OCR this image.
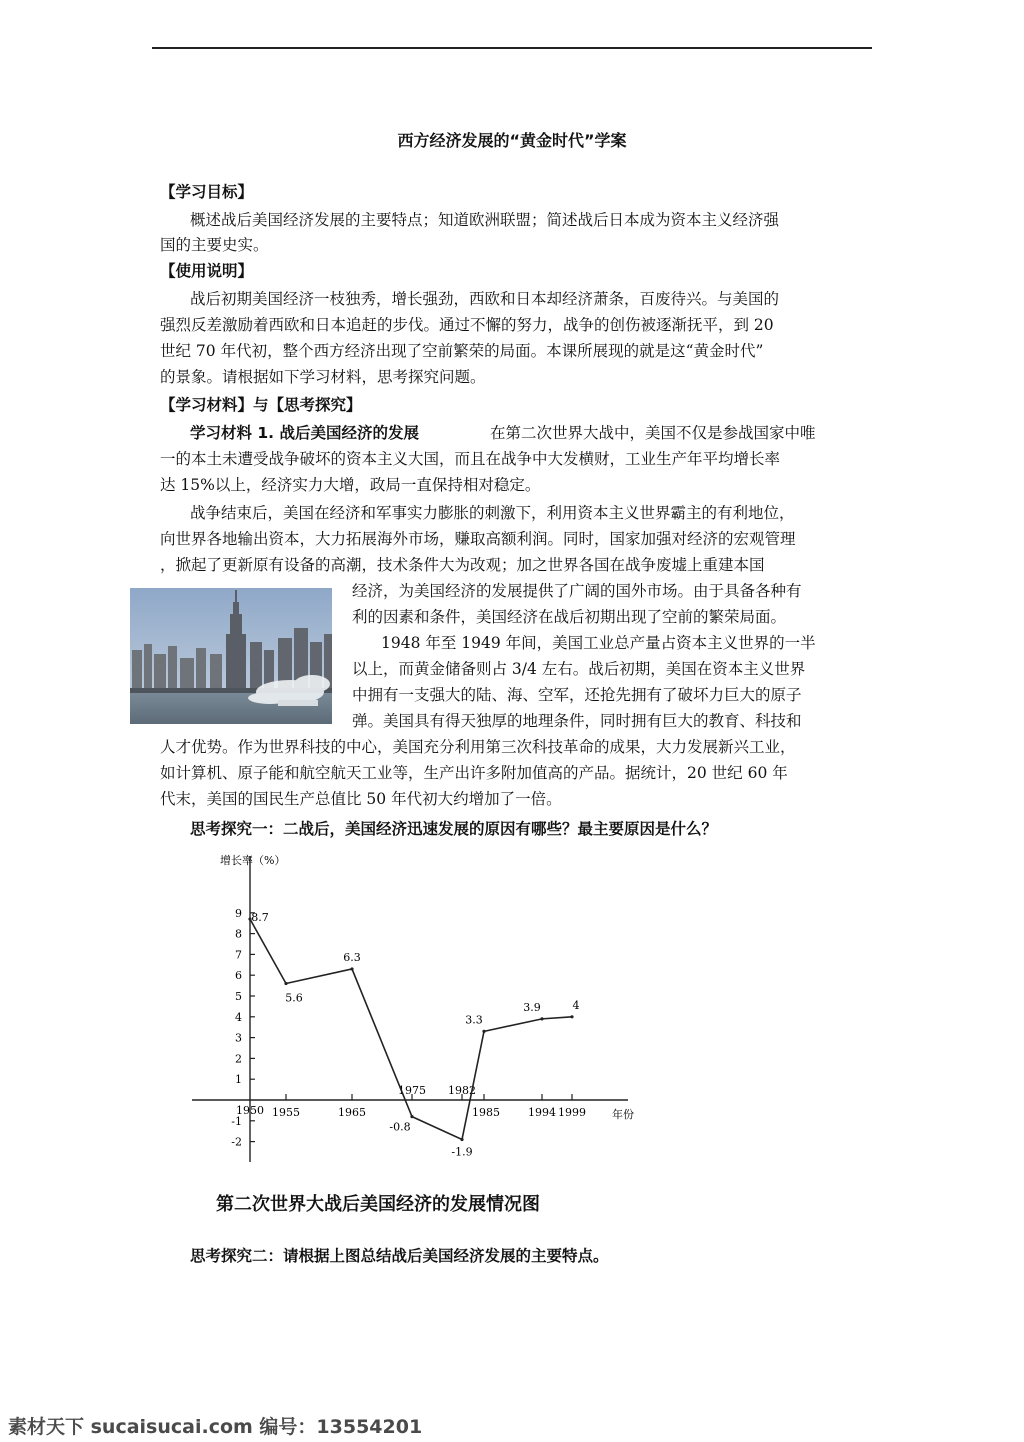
西方经济发展的“黄金时代”学案
【学习目标】
概述战后美国经济发展的主要特点；知道欧洲联盟；简述战后日本成为资本主义经济强
国的主要史实。
【使用说明】
战后初期美国经济一枝独秀，增长强劲，西欧和日本却经济萧条，百废待兴。与美国的
强烈反差激励着西欧和日本追赶的步伐。通过不懈的努力，战争的创伤被逐渐抚平，到 20
世纪 70 年代初，整个西方经济出现了空前繁荣的局面。本课所展现的就是这“黄金时代”
的景象。请根据如下学习材料，思考探究问题。
【学习材料】与【思考探究】
学习材料 1. 战后美国经济的发展	在第二次世界大战中，美国不仅是参战国家中唯
一的本土未遭受战争破坏的资本主义大国，而且在战争中大发横财，工业生产年平均增长率
达 15%以上，经济实力大增，政局一直保持相对稳定。
战争结束后，美国在经济和军事实力膨胀的刺激下，利用资本主义世界霸主的有利地位，
向世界各地输出资本，大力拓展海外市场，赚取高额利润。同时，国家加强对经济的宏观管理
，掀起了更新原有设备的高潮，技术条件大为改观；加之世界各国在战争废墟上重建本国
经济，为美国经济的发展提供了广阔的国外市场。由于具备各种有
利的因素和条件，美国经济在战后初期出现了空前的繁荣局面。
1948 年至 1949 年间，美国工业总产量占资本主义世界的一半
以上，而黄金储备则占 3/4 左右。战后初期，美国在资本主义世界
中拥有一支强大的陆、海、空军，还抢先拥有了破坏力巨大的原子
弹。美国具有得天独厚的地理条件，同时拥有巨大的教育、科技和
人才优势。作为世界科技的中心，美国充分利用第三次科技革命的成果，大力发展新兴工业，
如计算机、原子能和航空航天工业等，生产出许多附加值高的产品。据统计，20 世纪 60 年
代末，美国的国民生产总值比 50 年代初大约增加了一倍。
思考探究一：二战后，美国经济迅速发展的原因有哪些？最主要原因是什么？
增长率（%）
年份
-2
-1
1
2
3
4
5
6
7
8
9
1950 1955	1965
1975 1982
1985	1994 1999
8.7
5.6
6.3
-0.8
-1.9
3.3
3.9	4
第二次世界大战后美国经济的发展情况图
思考探究二：请根据上图总结战后美国经济发展的主要特点。
素材天下 sucaisucai.com 编号：13554201
